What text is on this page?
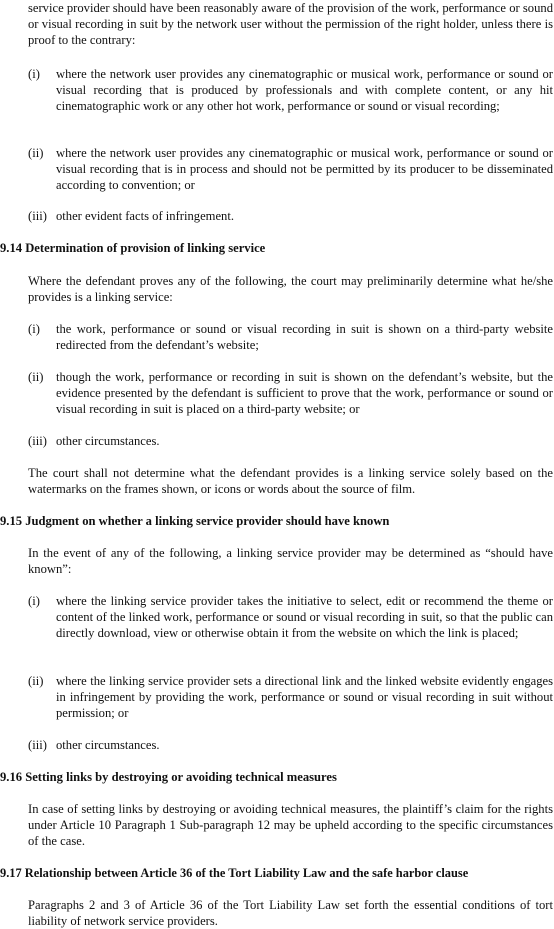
service provider should have been reasonably aware of the provision of the work, performance or sound or visual recording in suit by the network user without the permission of the right holder, unless there is proof to the contrary:

(i)	where the network user provides any cinematographic or musical work, performance or sound or visual recording that is produced by professionals and with complete content, or any hit cinematographic work or any other hot work, performance or sound or visual recording;
(ii)	where the network user provides any cinematographic or musical work, performance or sound or visual recording that is in process and should not be permitted by its producer to be disseminated according to convention; or
(iii) other evident facts of infringement.
9.14 Determination of provision of linking service

Where the defendant proves any of the following, the court may preliminarily determine what he/she provides is a linking service:

(i)	the work, performance or sound or visual recording in suit is shown on a third-party website redirected from the defendant’s website;
(ii)	though the work, performance or recording in suit is shown on the defendant’s website, but the evidence presented by the defendant is sufficient to prove that the work, performance or sound or visual recording in suit is placed on a third-party website; or
(iii) other circumstances.

The court shall not determine what the defendant provides is a linking service solely based on the watermarks on the frames shown, or icons or words about the source of film.

9.15 Judgment on whether a linking service provider should have known

In the event of any of the following, a linking service provider may be determined as “should have known”:

(i)	where the linking service provider takes the initiative to select, edit or recommend the theme or content of the linked work, performance or sound or visual recording in suit, so that the public can directly download, view or otherwise obtain it from the website on which the link is placed;
(ii)	where the linking service provider sets a directional link and the linked website evidently engages in infringement by providing the work, performance or sound or visual recording in suit without permission; or
(iii) other circumstances.
9.16 Setting links by destroying or avoiding technical measures

In case of setting links by destroying or avoiding technical measures, the plaintiff’s claim for the rights under Article 10 Paragraph 1 Sub-paragraph 12 may be upheld according to the specific circumstances of the case.

9.17 Relationship between Article 36 of the Tort Liability Law and the safe harbor clause

Paragraphs 2 and 3 of Article 36 of the Tort Liability Law set forth the essential conditions of tort liability of network service providers.
